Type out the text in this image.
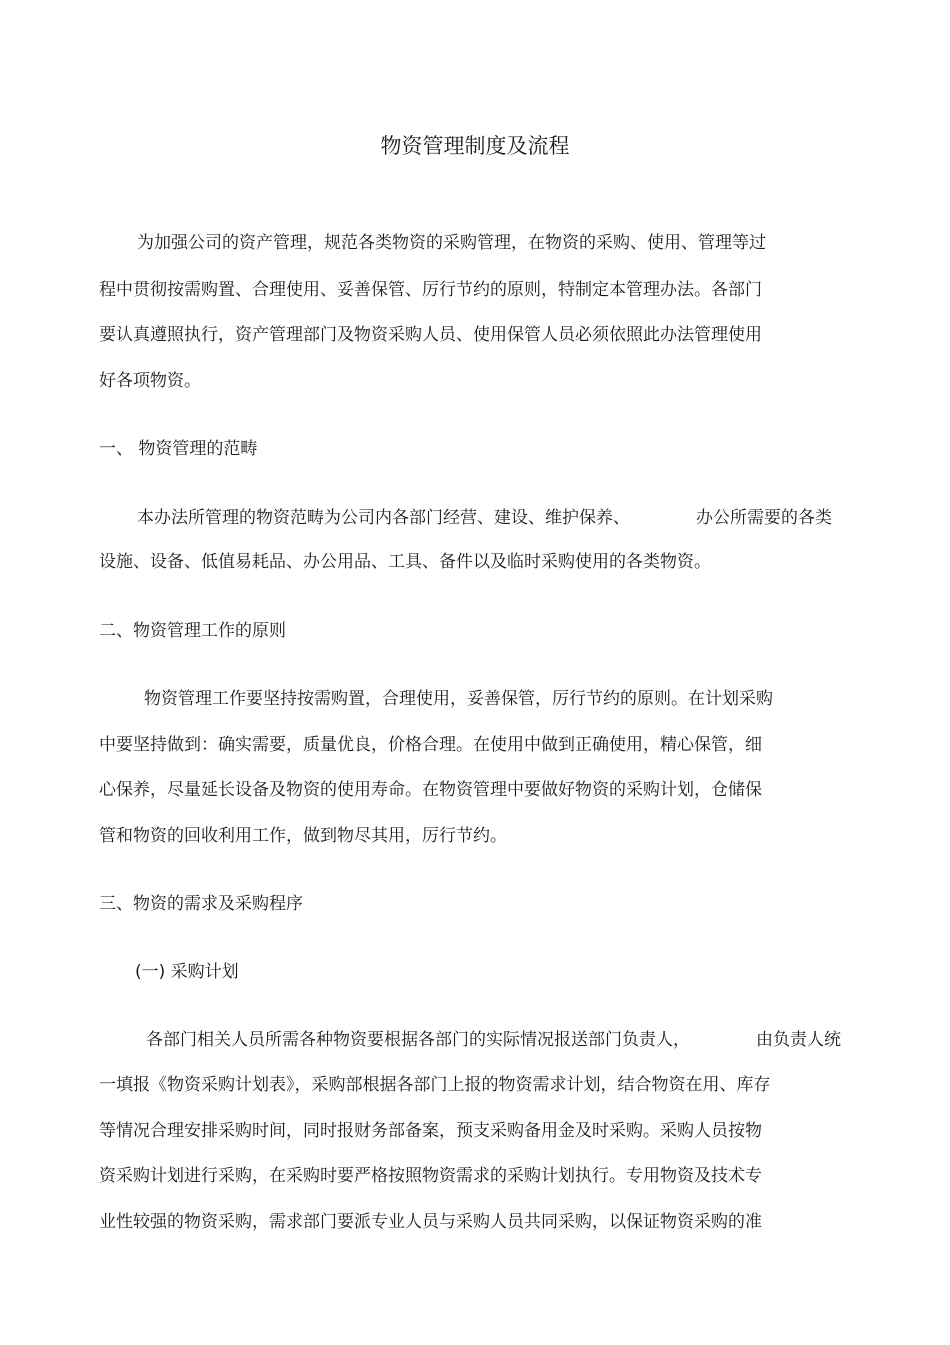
物资管理制度及流程
为加强公司的资产管理，规范各类物资的采购管理，在物资的采购、使用、管理等过
程中贯彻按需购置、合理使用、妥善保管、厉行节约的原则，特制定本管理办法。各部门
要认真遵照执行，资产管理部门及物资采购人员、使用保管人员必须依照此办法管理使用
好各项物资。
一、 物资管理的范畴
本办法所管理的物资范畴为公司内各部门经营、建设、维护保养、	办公所需要的各类
设施、设备、低值易耗品、办公用品、工具、备件以及临时采购使用的各类物资。
二、物资管理工作的原则
物资管理工作要坚持按需购置，合理使用，妥善保管，厉行节约的原则。在计划采购
中要坚持做到：确实需要，质量优良，价格合理。在使用中做到正确使用，精心保管，细
心保养，尽量延长设备及物资的使用寿命。在物资管理中要做好物资的采购计划，仓储保
管和物资的回收利用工作，做到物尽其用，厉行节约。
三、物资的需求及采购程序
(一) 采购计划
各部门相关人员所需各种物资要根据各部门的实际情况报送部门负责人，	由负责人统
一填报《物资采购计划表》，采购部根据各部门上报的物资需求计划，结合物资在用、库存
等情况合理安排采购时间，同时报财务部备案，预支采购备用金及时采购。采购人员按物
资采购计划进行采购，在采购时要严格按照物资需求的采购计划执行。专用物资及技术专
业性较强的物资采购，需求部门要派专业人员与采购人员共同采购，以保证物资采购的准
